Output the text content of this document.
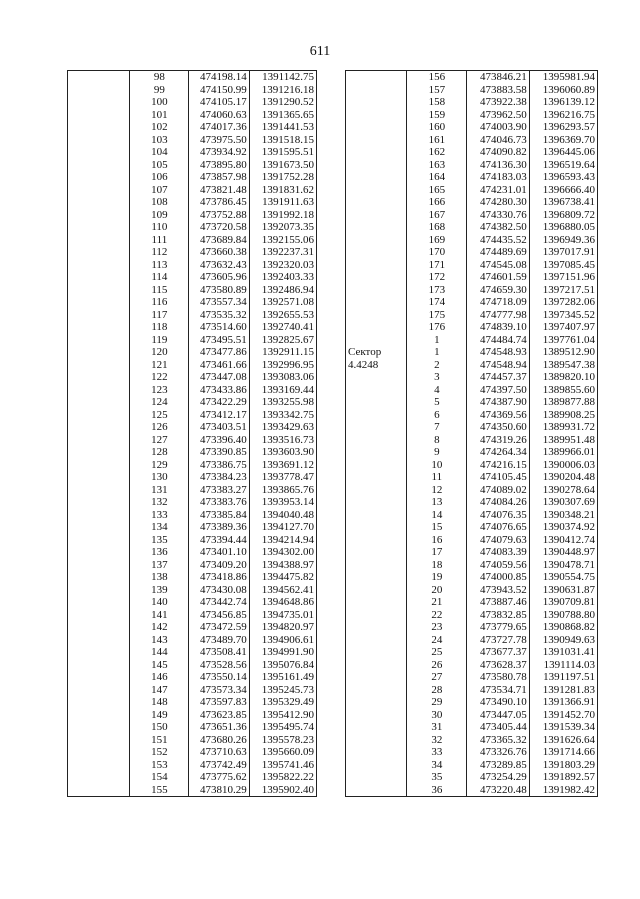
611
	98	474198.14	1391142.75
	99	474150.99	1391216.18
	100	474105.17	1391290.52
	101	474060.63	1391365.65
	102	474017.36	1391441.53
	103	473975.50	1391518.15
	104	473934.92	1391595.51
	105	473895.80	1391673.50
	106	473857.98	1391752.28
	107	473821.48	1391831.62
	108	473786.45	1391911.63
	109	473752.88	1391992.18
	110	473720.58	1392073.35
	111	473689.84	1392155.06
	112	473660.38	1392237.31
	113	473632.43	1392320.03
	114	473605.96	1392403.33
	115	473580.89	1392486.94
	116	473557.34	1392571.08
	117	473535.32	1392655.53
	118	473514.60	1392740.41
	119	473495.51	1392825.67
	120	473477.86	1392911.15
	121	473461.66	1392996.95
	122	473447.08	1393083.06
	123	473433.86	1393169.44
	124	473422.29	1393255.98
	125	473412.17	1393342.75
	126	473403.51	1393429.63
	127	473396.40	1393516.73
	128	473390.85	1393603.90
	129	473386.75	1393691.12
	130	473384.23	1393778.47
	131	473383.27	1393865.76
	132	473383.76	1393953.14
	133	473385.84	1394040.48
	134	473389.36	1394127.70
	135	473394.44	1394214.94
	136	473401.10	1394302.00
	137	473409.20	1394388.97
	138	473418.86	1394475.82
	139	473430.08	1394562.41
	140	473442.74	1394648.86
	141	473456.85	1394735.01
	142	473472.59	1394820.97
	143	473489.70	1394906.61
	144	473508.41	1394991.90
	145	473528.56	1395076.84
	146	473550.14	1395161.49
	147	473573.34	1395245.73
	148	473597.83	1395329.49
	149	473623.85	1395412.90
	150	473651.36	1395495.74
	151	473680.26	1395578.23
	152	473710.63	1395660.09
	153	473742.49	1395741.46
	154	473775.62	1395822.22
	155	473810.29	1395902.40
	156	473846.21	1395981.94
	157	473883.58	1396060.89
	158	473922.38	1396139.12
	159	473962.50	1396216.75
	160	474003.90	1396293.57
	161	474046.73	1396369.70
	162	474090.82	1396445.06
	163	474136.30	1396519.64
	164	474183.03	1396593.43
	165	474231.01	1396666.40
	166	474280.30	1396738.41
	167	474330.76	1396809.72
	168	474382.50	1396880.05
	169	474435.52	1396949.36
	170	474489.69	1397017.91
	171	474545.08	1397085.45
	172	474601.59	1397151.96
	173	474659.30	1397217.51
	174	474718.09	1397282.06
	175	474777.98	1397345.52
	176	474839.10	1397407.97
	1	474484.74	1397761.04
Сектор	1	474548.93	1389512.90
4.4248	2	474548.94	1389547.38
	3	474457.37	1389820.10
	4	474397.50	1389855.60
	5	474387.90	1389877.88
	6	474369.56	1389908.25
	7	474350.60	1389931.72
	8	474319.26	1389951.48
	9	474264.34	1389966.01
	10	474216.15	1390006.03
	11	474105.45	1390204.48
	12	474089.02	1390278.64
	13	474084.26	1390307.69
	14	474076.35	1390348.21
	15	474076.65	1390374.92
	16	474079.63	1390412.74
	17	474083.39	1390448.97
	18	474059.56	1390478.71
	19	474000.85	1390554.75
	20	473943.52	1390631.87
	21	473887.46	1390709.81
	22	473832.85	1390788.80
	23	473779.65	1390868.82
	24	473727.78	1390949.63
	25	473677.37	1391031.41
	26	473628.37	1391114.03
	27	473580.78	1391197.51
	28	473534.71	1391281.83
	29	473490.10	1391366.91
	30	473447.05	1391452.70
	31	473405.44	1391539.34
	32	473365.32	1391626.64
	33	473326.76	1391714.66
	34	473289.85	1391803.29
	35	473254.29	1391892.57
	36	473220.48	1391982.42
